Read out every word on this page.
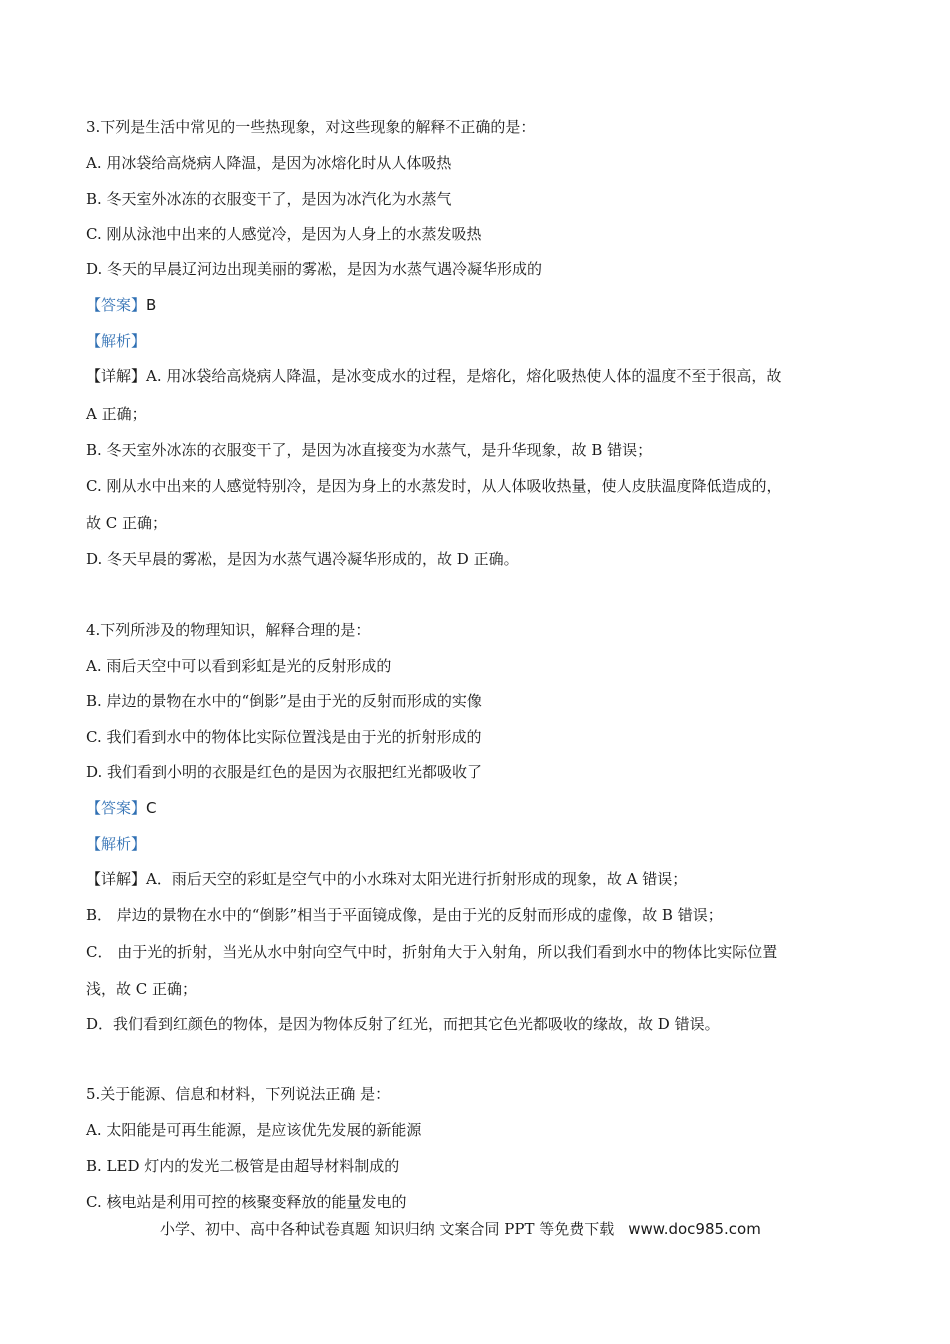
3.下列是生活中常见的一些热现象，对这些现象的解释不正确的是：
A. 用冰袋给高烧病人降温，是因为冰熔化时从人体吸热
B. 冬天室外冰冻的衣服变干了，是因为冰汽化为水蒸气
C. 刚从泳池中出来的人感觉冷，是因为人身上的水蒸发吸热
D. 冬天的早晨辽河边出现美丽的雾凇，是因为水蒸气遇冷凝华形成的
【答案】B
【解析】
【详解】A. 用冰袋给高烧病人降温，是冰变成水的过程，是熔化，熔化吸热使人体的温度不至于很高，故
A 正确；
B. 冬天室外冰冻的衣服变干了，是因为冰直接变为水蒸气，是升华现象，故 B 错误；
C. 刚从水中出来的人感觉特别冷，是因为身上的水蒸发时，从人体吸收热量，使人皮肤温度降低造成的，
故 C 正确；
D. 冬天早晨的雾凇，是因为水蒸气遇冷凝华形成的，故 D 正确。
4.下列所涉及的物理知识，解释合理的是：
A. 雨后天空中可以看到彩虹是光的反射形成的
B. 岸边的景物在水中的“倒影”是由于光的反射而形成的实像
C. 我们看到水中的物体比实际位置浅是由于光的折射形成的
D. 我们看到小明的衣服是红色的是因为衣服把红光都吸收了
【答案】C
【解析】
【详解】A．雨后天空的彩虹是空气中的小水珠对太阳光进行折射形成的现象，故 A 错误；
B． 岸边的景物在水中的“倒影”相当于平面镜成像，是由于光的反射而形成的虚像，故 B 错误；
C． 由于光的折射，当光从水中射向空气中时，折射角大于入射角，所以我们看到水中的物体比实际位置
浅，故 C 正确；
D．我们看到红颜色的物体，是因为物体反射了红光，而把其它色光都吸收的缘故，故 D 错误。
5.关于能源、信息和材料，下列说法正确 是：
A. 太阳能是可再生能源，是应该优先发展的新能源
B. LED 灯内的发光二极管是由超导材料制成的
C. 核电站是利用可控的核聚变释放的能量发电的
小学、初中、高中各种试卷真题 知识归纳 文案合同 PPT 等免费下载 www.doc985.com
